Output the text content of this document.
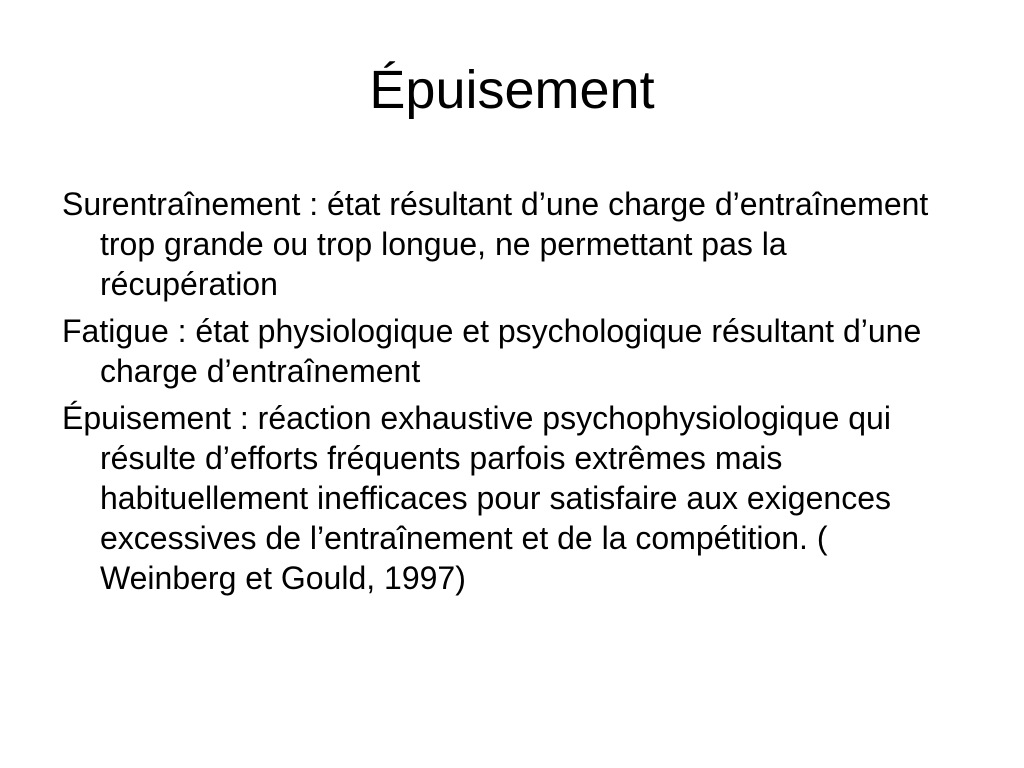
Épuisement
Surentraînement : état résultant d’une charge d’entraînement trop grande ou trop longue, ne permettant pas la récupération
Fatigue : état physiologique et psychologique résultant d’une charge d’entraînement
Épuisement : réaction exhaustive psychophysiologique qui résulte d’efforts fréquents parfois extrêmes mais habituellement inefficaces pour satisfaire aux exigences excessives de l’entraînement et de la compétition. ( Weinberg et Gould, 1997)
